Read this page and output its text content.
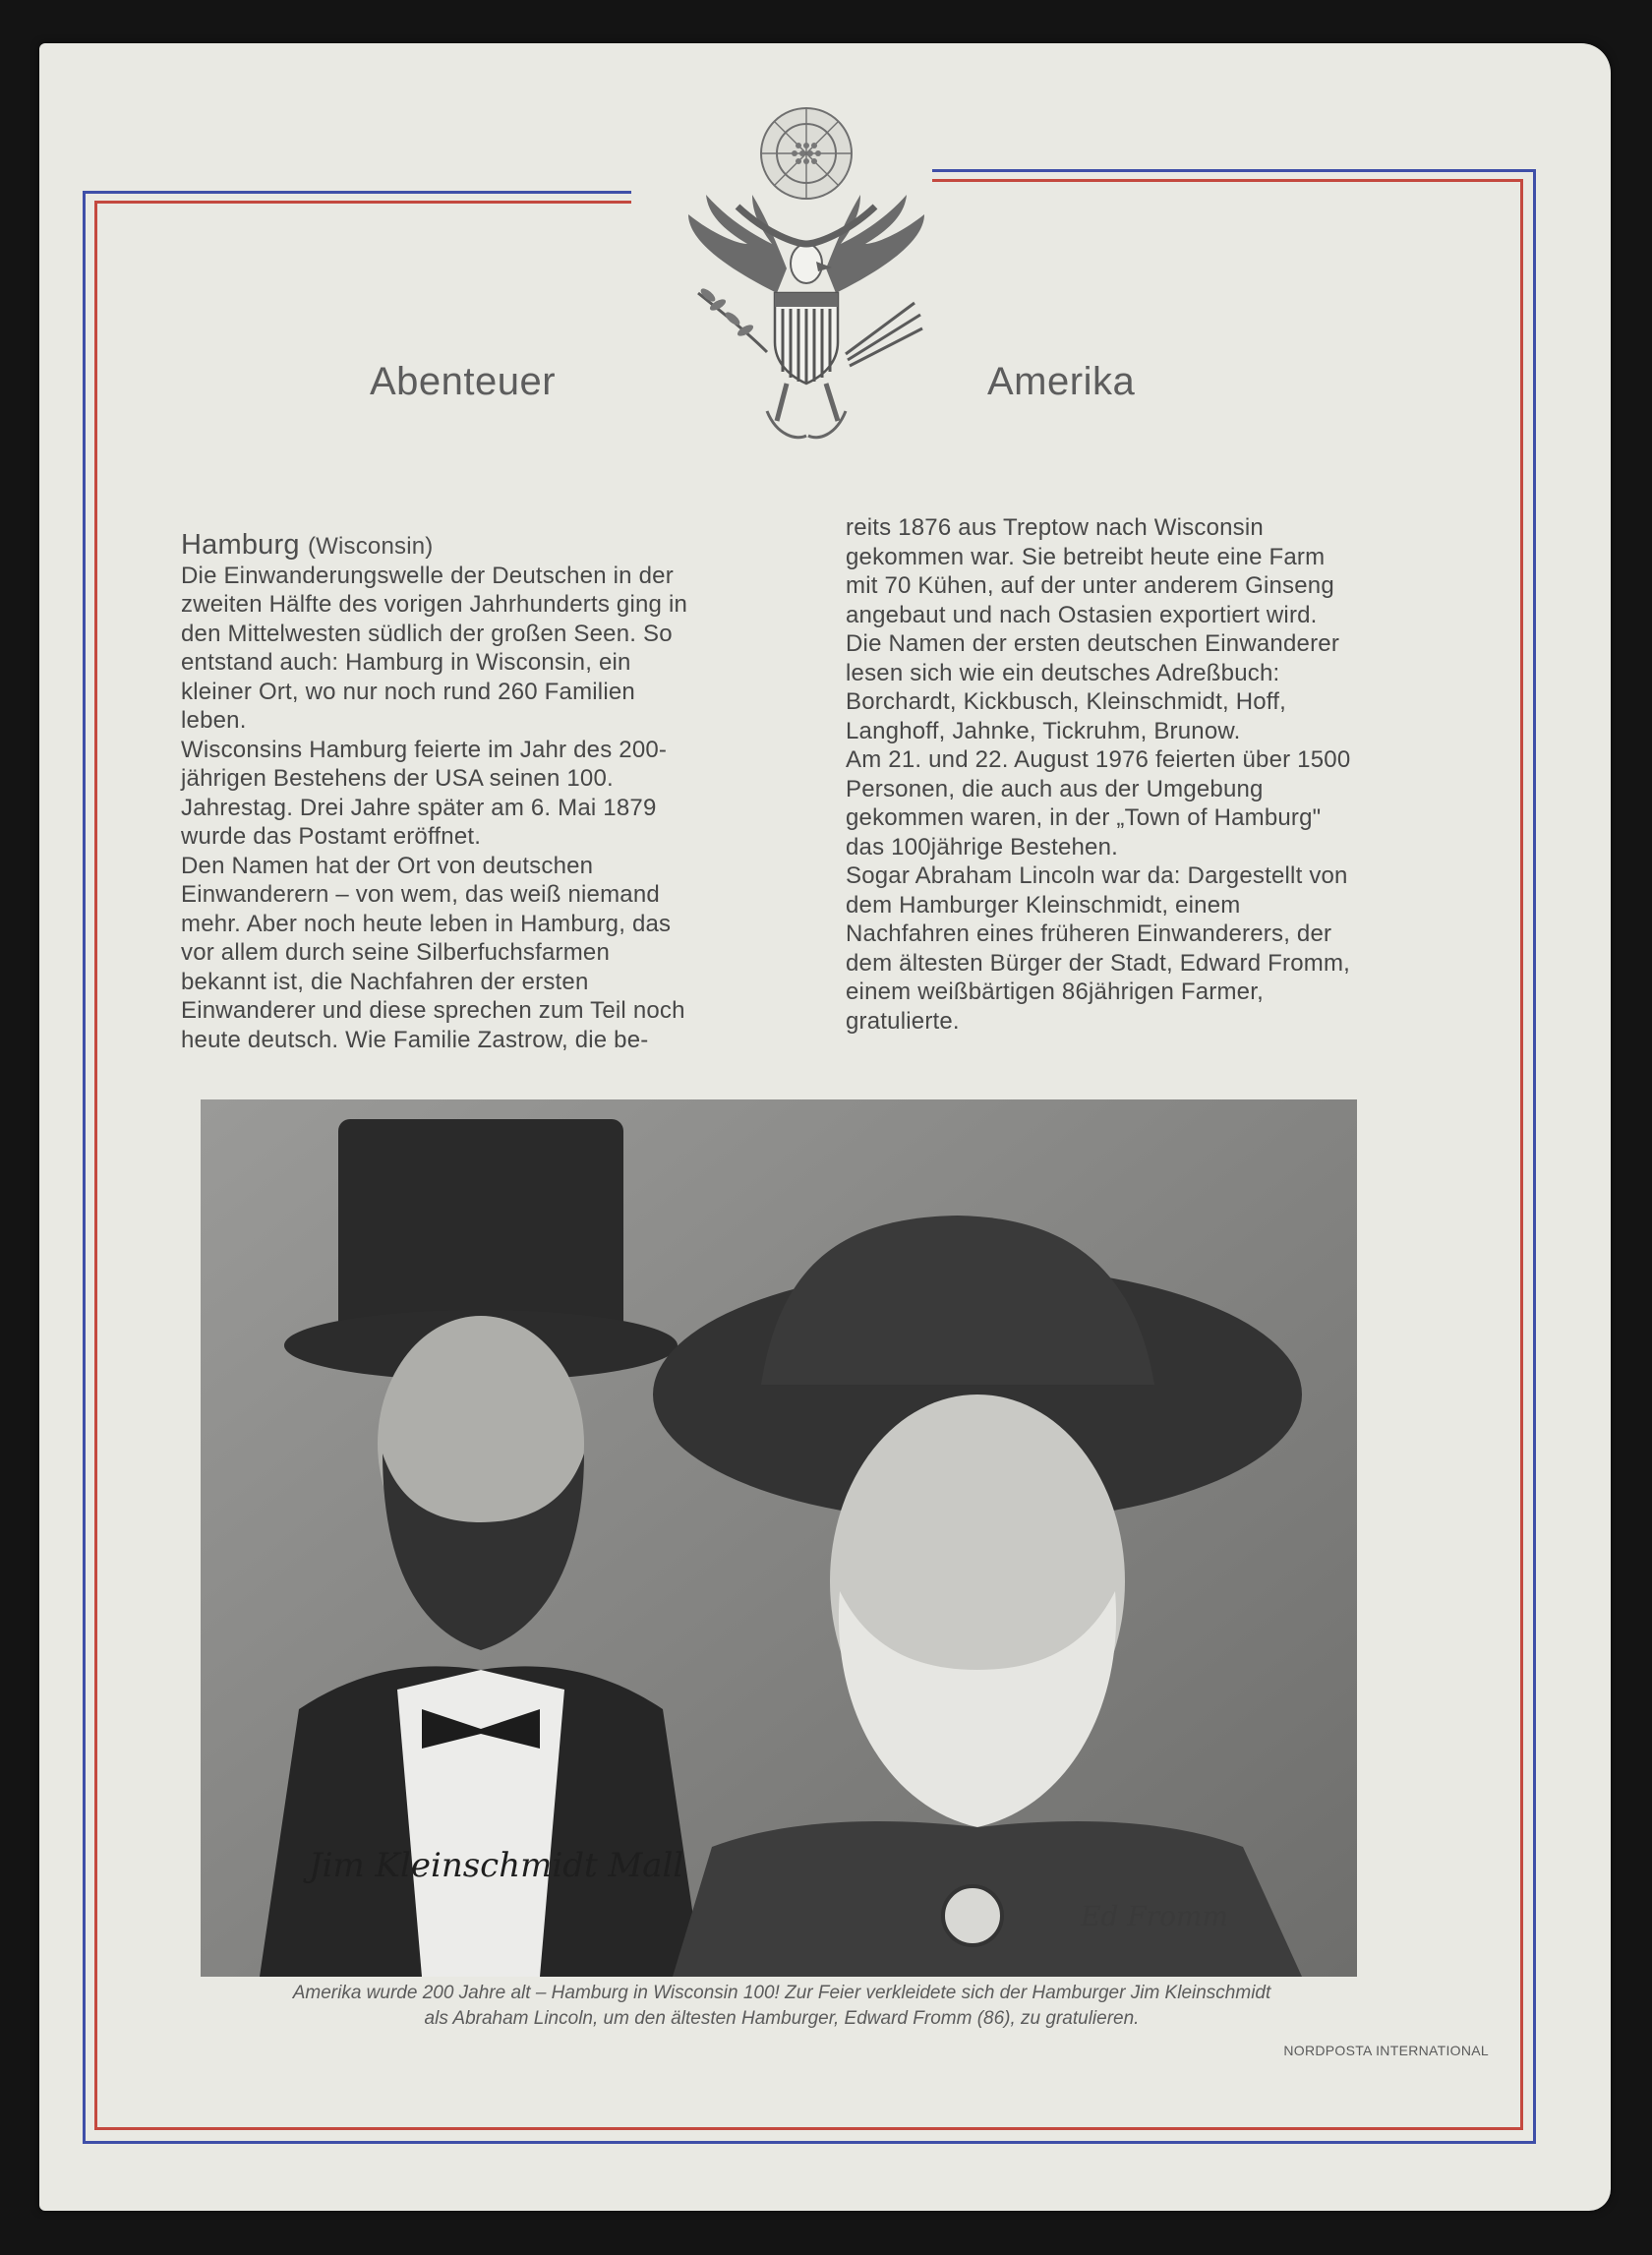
Abenteuer	Amerika
Hamburg (Wisconsin)

Die Einwanderungswelle der Deutschen in der zweiten Hälfte des vorigen Jahrhunderts ging in den Mittelwesten südlich der großen Seen. So entstand auch: Hamburg in Wisconsin, ein kleiner Ort, wo nur noch rund 260 Familien leben.

Wisconsins Hamburg feierte im Jahr des 200-jährigen Bestehens der USA seinen 100. Jahrestag. Drei Jahre später am 6. Mai 1879 wurde das Postamt eröffnet.

Den Namen hat der Ort von deutschen Einwanderern – von wem, das weiß niemand mehr. Aber noch heute leben in Hamburg, das vor allem durch seine Silberfuchsfarmen bekannt ist, die Nachfahren der ersten Einwanderer und diese sprechen zum Teil noch heute deutsch. Wie Familie Zastrow, die be-

reits 1876 aus Treptow nach Wisconsin gekommen war. Sie betreibt heute eine Farm mit 70 Kühen, auf der unter anderem Ginseng angebaut und nach Ostasien exportiert wird.

Die Namen der ersten deutschen Einwanderer lesen sich wie ein deutsches Adreßbuch: Borchardt, Kickbusch, Kleinschmidt, Hoff, Langhoff, Jahnke, Tickruhm, Brunow.

Am 21. und 22. August 1976 feierten über 1500 Personen, die auch aus der Umgebung gekommen waren, in der „Town of Hamburg" das 100jährige Bestehen.

Sogar Abraham Lincoln war da: Dargestellt von dem Hamburger Kleinschmidt, einem Nachfahren eines früheren Einwanderers, der dem ältesten Bürger der Stadt, Edward Fromm, einem weißbärtigen 86jährigen Farmer, gratulierte.

Jim Kleinschmidt Mall
Ed Fromm

Amerika wurde 200 Jahre alt – Hamburg in Wisconsin 100! Zur Feier verkleidete sich der Hamburger Jim Kleinschmidt

als Abraham Lincoln, um den ältesten Hamburger, Edward Fromm (86), zu gratulieren.

NORDPOSTA INTERNATIONAL
